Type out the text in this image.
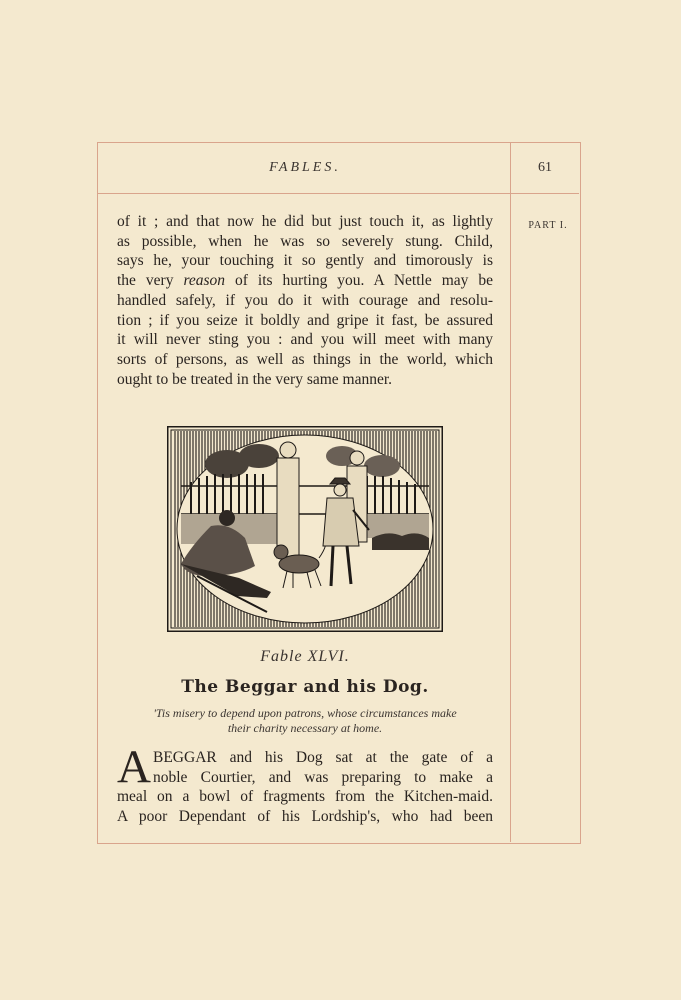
FABLES.	61
PART I.
of it ; and that now he did but just touch it, as lightly
as possible, when he was so severely stung. Child,
says he, your touching it so gently and timorously is
the very reason of its hurting you. A Nettle may be
handled safely, if you do it with courage and resolu-
tion ; if you seize it boldly and gripe it fast, be assured
it will never sting you : and you will meet with many
sorts of persons, as well as things in the world, which
ought to be treated in the very same manner.
Fable XLVI.
The Beggar and his Dog.
'Tis misery to depend upon patrons, whose circumstances make
their charity necessary at home.
A BEGGAR and his Dog sat at the gate of a
noble Courtier, and was preparing to make a
meal on a bowl of fragments from the Kitchen-maid.
A poor Dependant of his Lordship's, who had been
